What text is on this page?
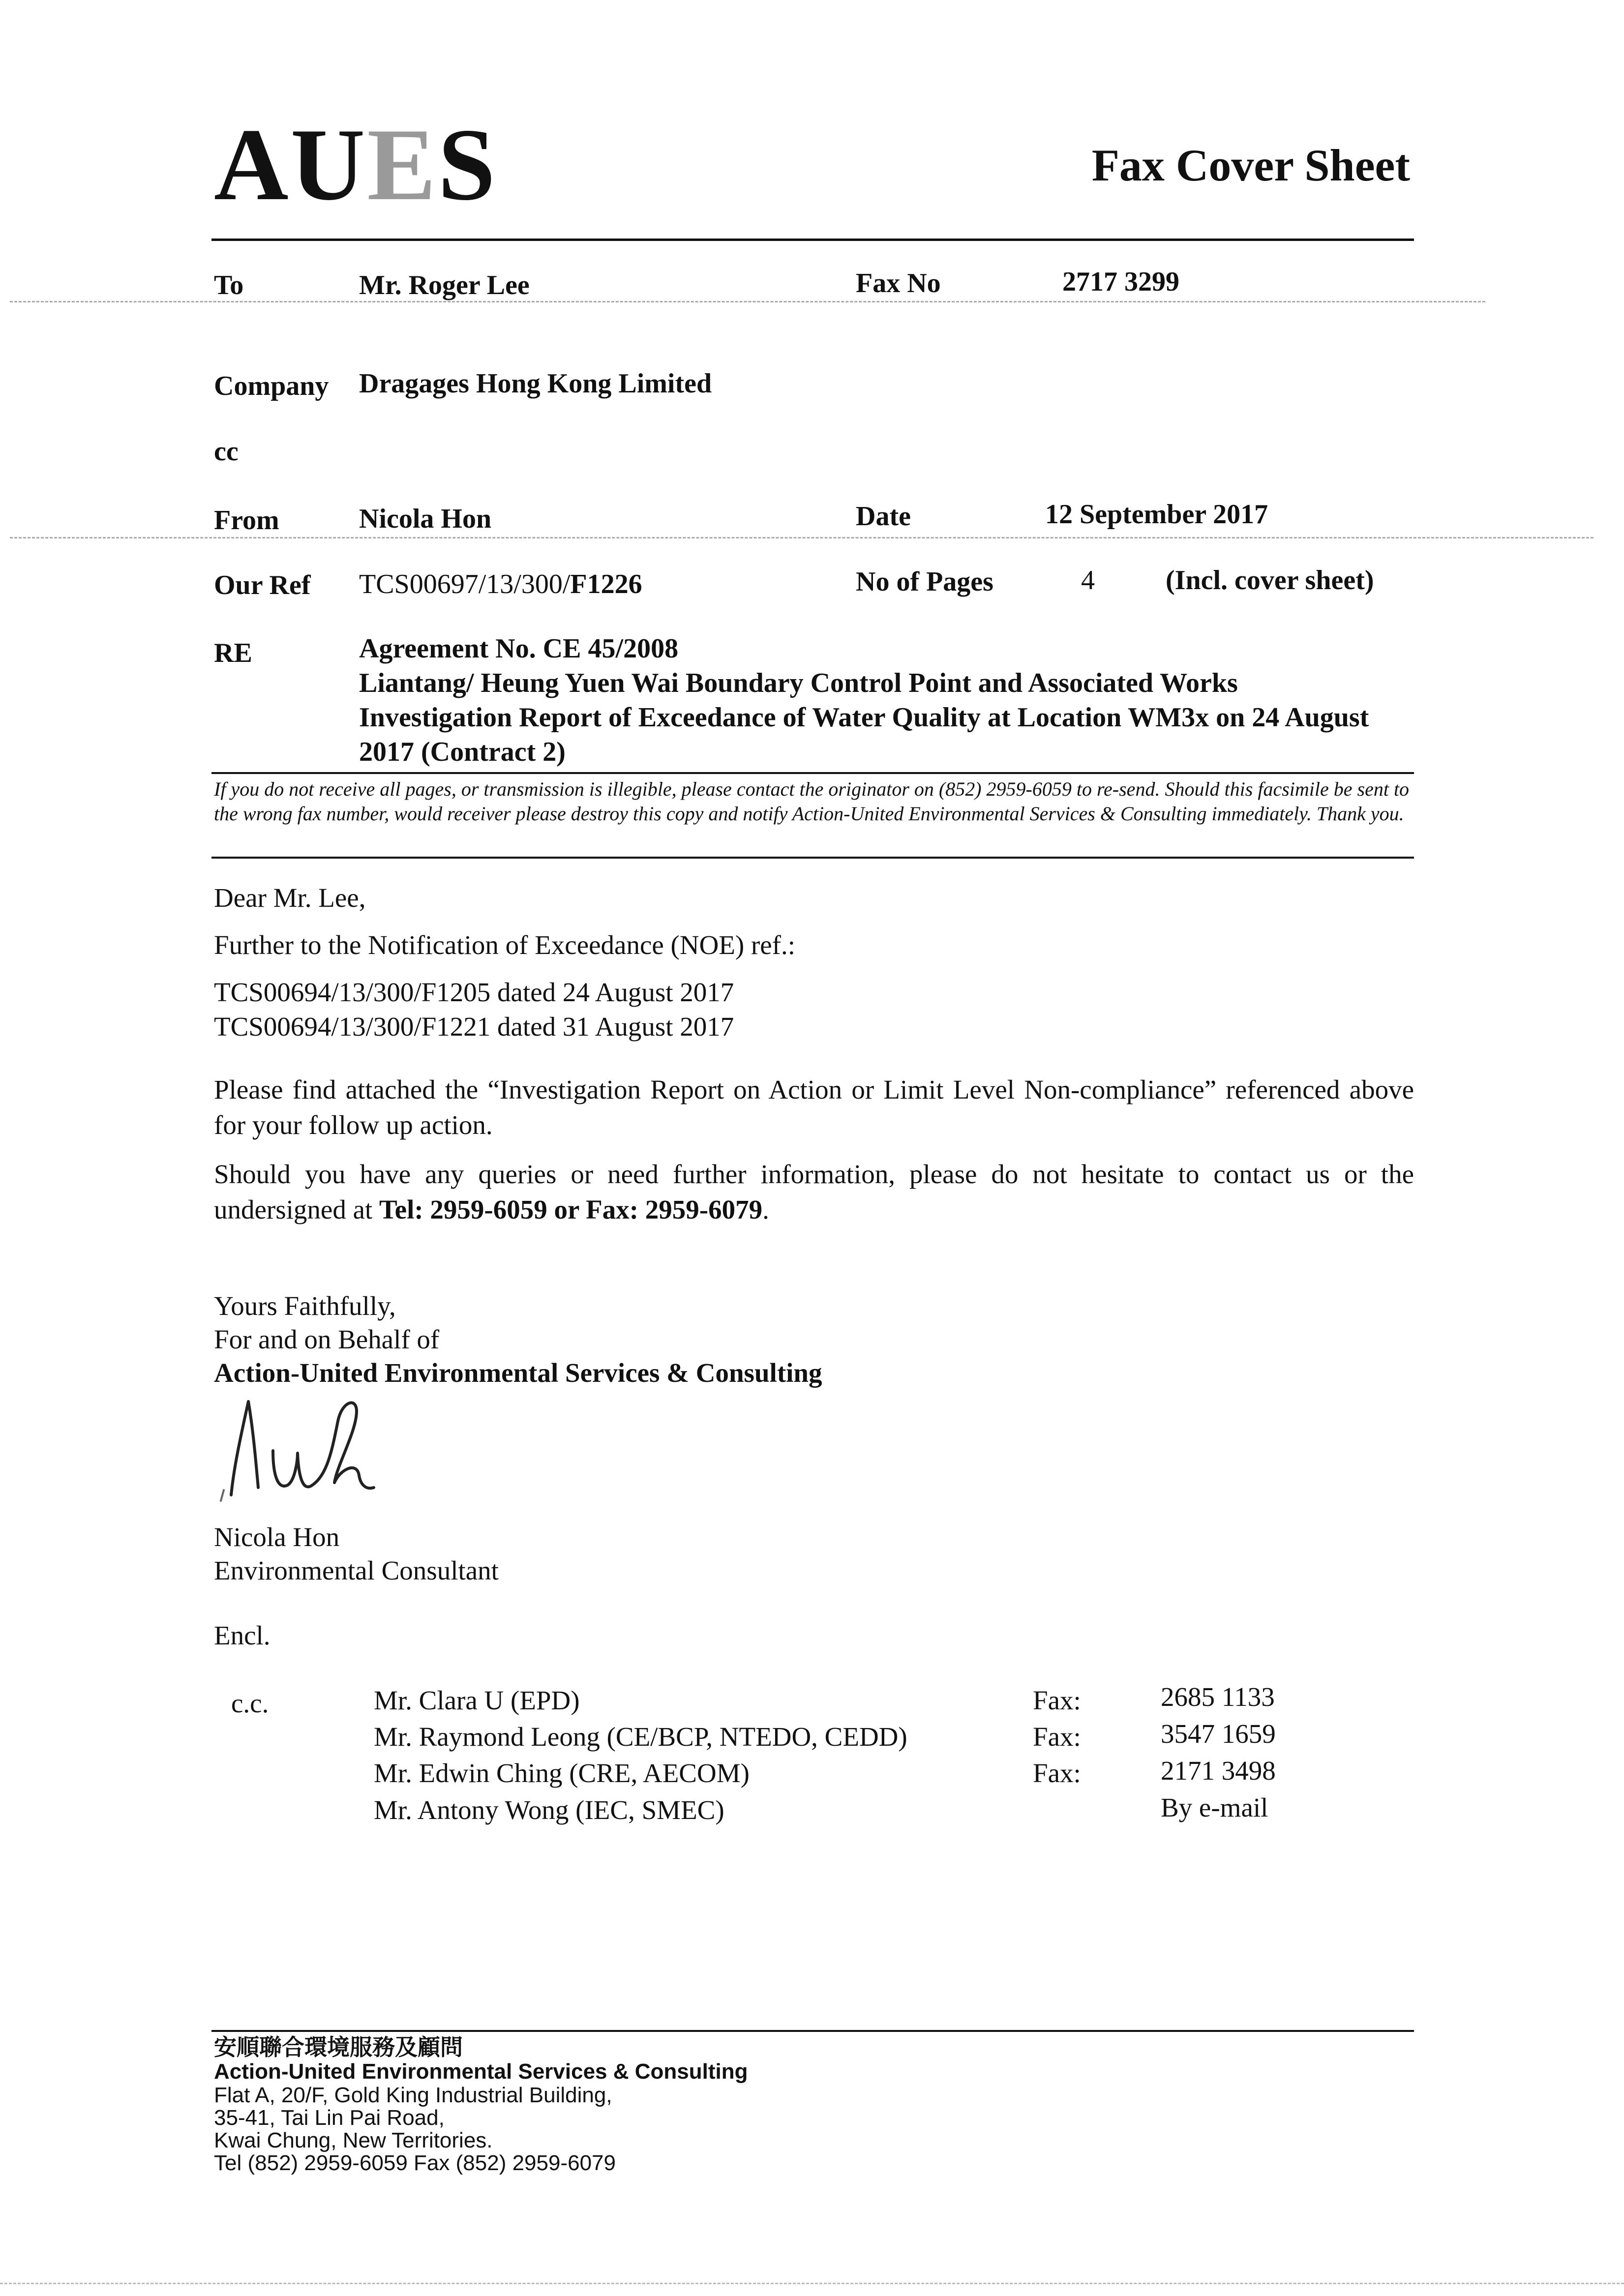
AUES	Fax Cover Sheet
To	Mr. Roger Lee	Fax No	2717 3299
Company Dragages Hong Kong Limited
cc
From	Nicola Hon	Date	12 September 2017
Our Ref TCS00697/13/300/F1226	No of Pages	4	(Incl. cover sheet)
RE	Agreement No. CE 45/2008
Liantang/ Heung Yuen Wai Boundary Control Point and Associated Works
Investigation Report of Exceedance of Water Quality at Location WM3x on 24 August
2017 (Contract 2)
If you do not receive all pages, or transmission is illegible, please contact the originator on (852) 2959-6059 to re-send. Should this facsimile be sent to the wrong fax number, would receiver please destroy this copy and notify Action-United Environmental Services & Consulting immediately. Thank you.
Dear Mr. Lee,
Further to the Notification of Exceedance (NOE) ref.:
TCS00694/13/300/F1205 dated 24 August 2017
TCS00694/13/300/F1221 dated 31 August 2017
Please find attached the “Investigation Report on Action or Limit Level Non-compliance” referenced above for your follow up action.
Should you have any queries or need further information, please do not hesitate to contact us or the undersigned at Tel: 2959-6059 or Fax: 2959-6079.
Yours Faithfully,
For and on Behalf of
Action-United Environmental Services & Consulting
Nicola Hon
Environmental Consultant
Encl.
c.c.	Mr. Clara U (EPD)	Fax:	2685 1133
Mr. Raymond Leong (CE/BCP, NTEDO, CEDD)	Fax:	3547 1659
Mr. Edwin Ching (CRE, AECOM)	Fax:	2171 3498
Mr. Antony Wong (IEC, SMEC)	By e-mail
安順聯合環境服務及顧問
Action-United Environmental Services & Consulting
Flat A, 20/F, Gold King Industrial Building,
35-41, Tai Lin Pai Road,
Kwai Chung, New Territories.
Tel (852) 2959-6059 Fax (852) 2959-6079
